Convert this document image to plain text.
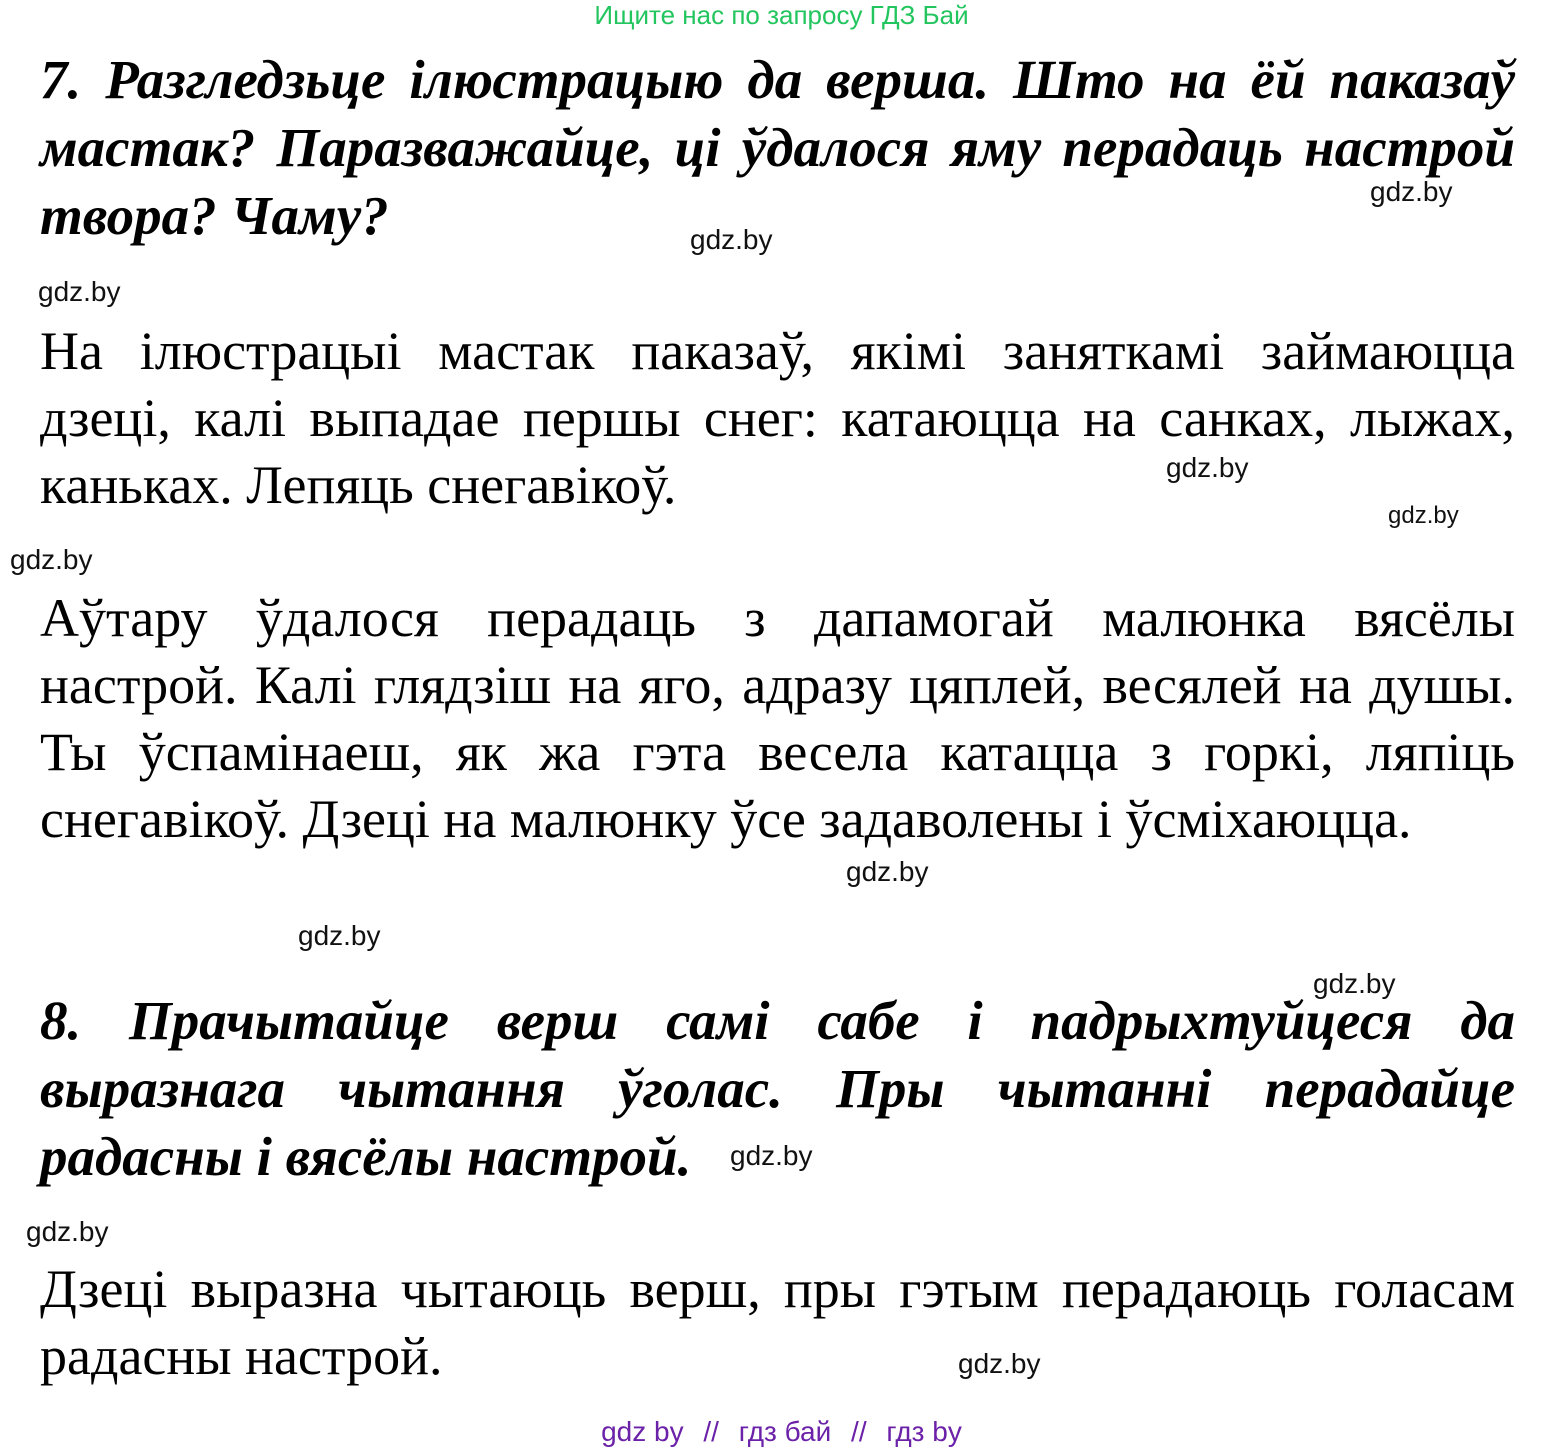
Ищите нас по запросу ГДЗ Бай
7. Разгледзьце ілюстрацыю да верша. Што на ёй паказаў мастак? Паразважайце, ці ўдалося яму перадаць настрой твора? Чаму?
На ілюстрацыі мастак паказаў, якімі заняткамі займаюцца дзеці, калі выпадае першы снег: катаюцца на санках, лыжах, каньках. Лепяць снегавікоў.
Аўтару ўдалося перадаць з дапамогай малюнка вясёлы настрой. Калі глядзіш на яго, адразу цяплей, весялей на душы. Ты ўспамінаеш, як жа гэта весела катацца з горкі, ляпіць снегавікоў. Дзеці на малюнку ўсе задаволены і ўсміхаюцца.
8. Прачытайце верш самі сабе і падрыхтуйцеся да выразнага чытання ўголас. Пры чытанні перадайце радасны і вясёлы настрой.
Дзеці выразна чытаюць верш, пры гэтым перадаюць голасам радасны настрой.
gdz.by
gdz.by
gdz.by
gdz.by
gdz.by
gdz.by
gdz.by
gdz.by
gdz.by
gdz.by
gdz.by
gdz.by
gdz by // гдз бай // гдз by
